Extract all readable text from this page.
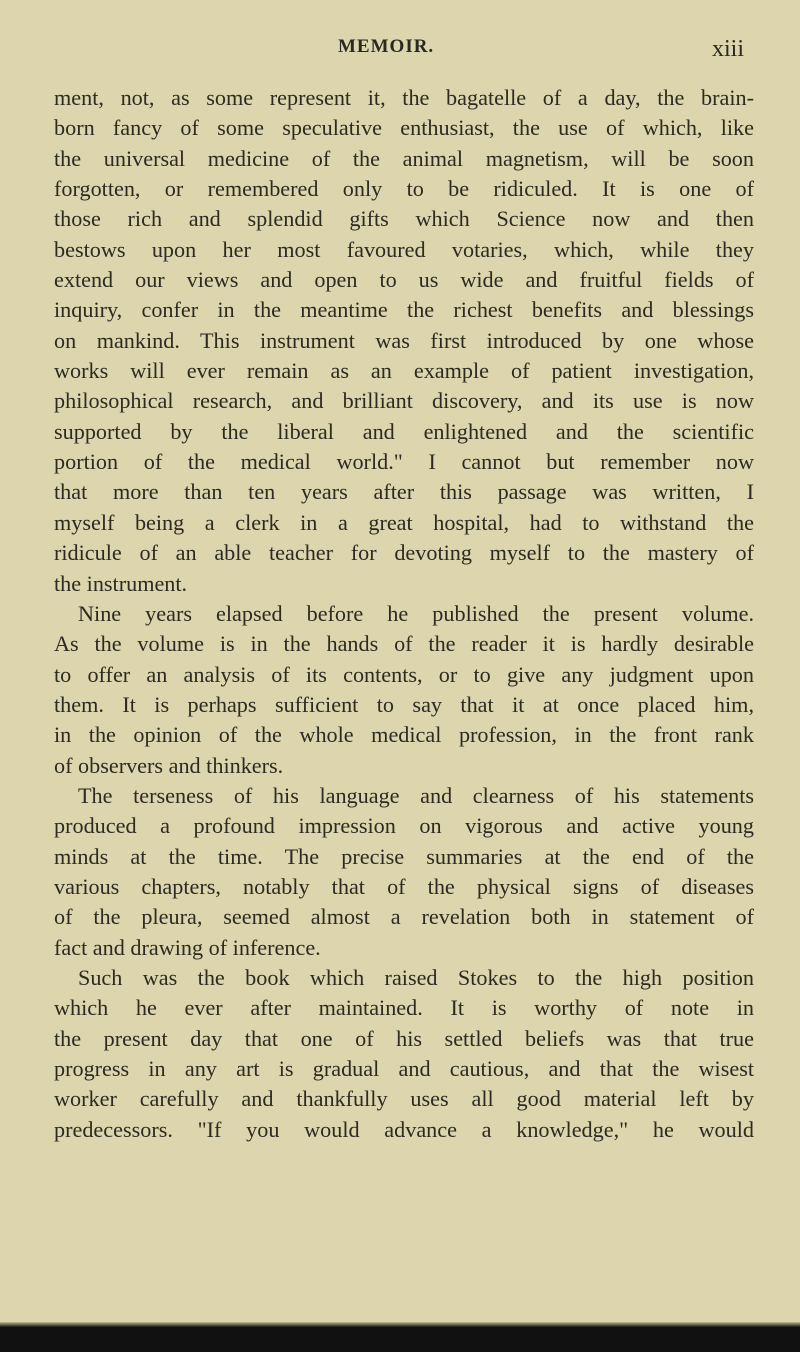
MEMOIR.	xiii
ment, not, as some represent it, the bagatelle of a day, the brain-
born fancy of some speculative enthusiast, the use of which, like
the universal medicine of the animal magnetism, will be soon
forgotten, or remembered only to be ridiculed. It is one of
those rich and splendid gifts which Science now and then
bestows upon her most favoured votaries, which, while they
extend our views and open to us wide and fruitful fields of
inquiry, confer in the meantime the richest benefits and blessings
on mankind. This instrument was first introduced by one whose
works will ever remain as an example of patient investigation,
philosophical research, and brilliant discovery, and its use is now
supported by the liberal and enlightened and the scientific
portion of the medical world." I cannot but remember now
that more than ten years after this passage was written, I
myself being a clerk in a great hospital, had to withstand the
ridicule of an able teacher for devoting myself to the mastery of
the instrument.
Nine years elapsed before he published the present volume.
As the volume is in the hands of the reader it is hardly desirable
to offer an analysis of its contents, or to give any judgment upon
them. It is perhaps sufficient to say that it at once placed him,
in the opinion of the whole medical profession, in the front rank
of observers and thinkers.
The terseness of his language and clearness of his statements
produced a profound impression on vigorous and active young
minds at the time. The precise summaries at the end of the
various chapters, notably that of the physical signs of diseases
of the pleura, seemed almost a revelation both in statement of
fact and drawing of inference.
Such was the book which raised Stokes to the high position
which he ever after maintained. It is worthy of note in
the present day that one of his settled beliefs was that true
progress in any art is gradual and cautious, and that the wisest
worker carefully and thankfully uses all good material left by
predecessors. "If you would advance a knowledge," he would
